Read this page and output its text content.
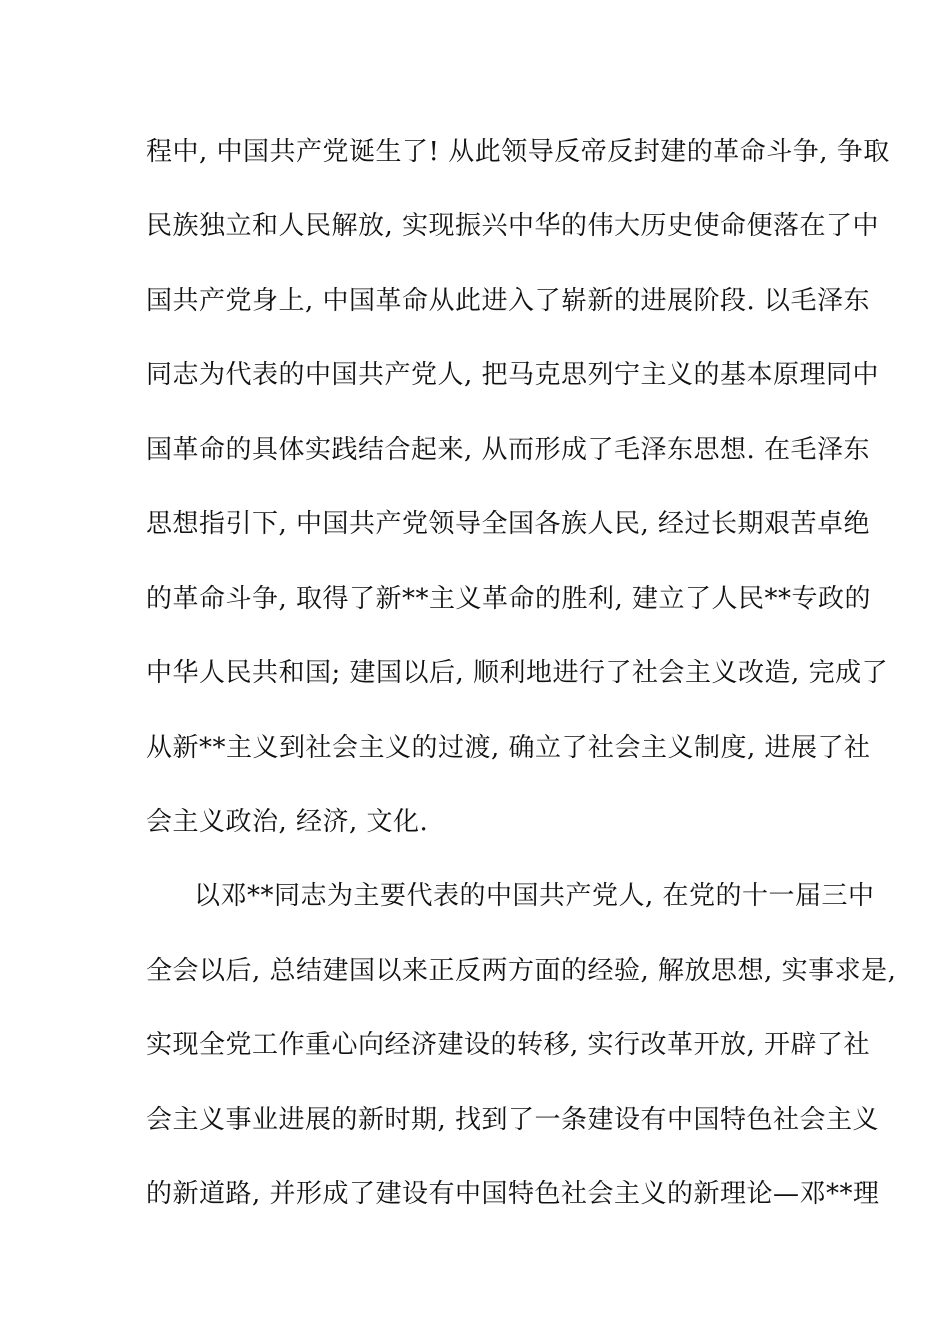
程中, 中国共产党诞生了! 从此领导反帝反封建的革命斗争, 争取
民族独立和人民解放, 实现振兴中华的伟大历史使命便落在了中
国共产党身上, 中国革命从此进入了崭新的进展阶段. 以毛泽东
同志为代表的中国共产党人, 把马克思列宁主义的基本原理同中
国革命的具体实践结合起来, 从而形成了毛泽东思想. 在毛泽东
思想指引下, 中国共产党领导全国各族人民, 经过长期艰苦卓绝
的革命斗争, 取得了新**主义革命的胜利, 建立了人民**专政的
中华人民共和国; 建国以后, 顺利地进行了社会主义改造, 完成了
从新**主义到社会主义的过渡, 确立了社会主义制度, 进展了社
会主义政治, 经济, 文化.
以邓**同志为主要代表的中国共产党人, 在党的十一届三中
全会以后, 总结建国以来正反两方面的经验, 解放思想, 实事求是,
实现全党工作重心向经济建设的转移, 实行改革开放, 开辟了社
会主义事业进展的新时期, 找到了一条建设有中国特色社会主义
的新道路, 并形成了建设有中国特色社会主义的新理论—邓**理
